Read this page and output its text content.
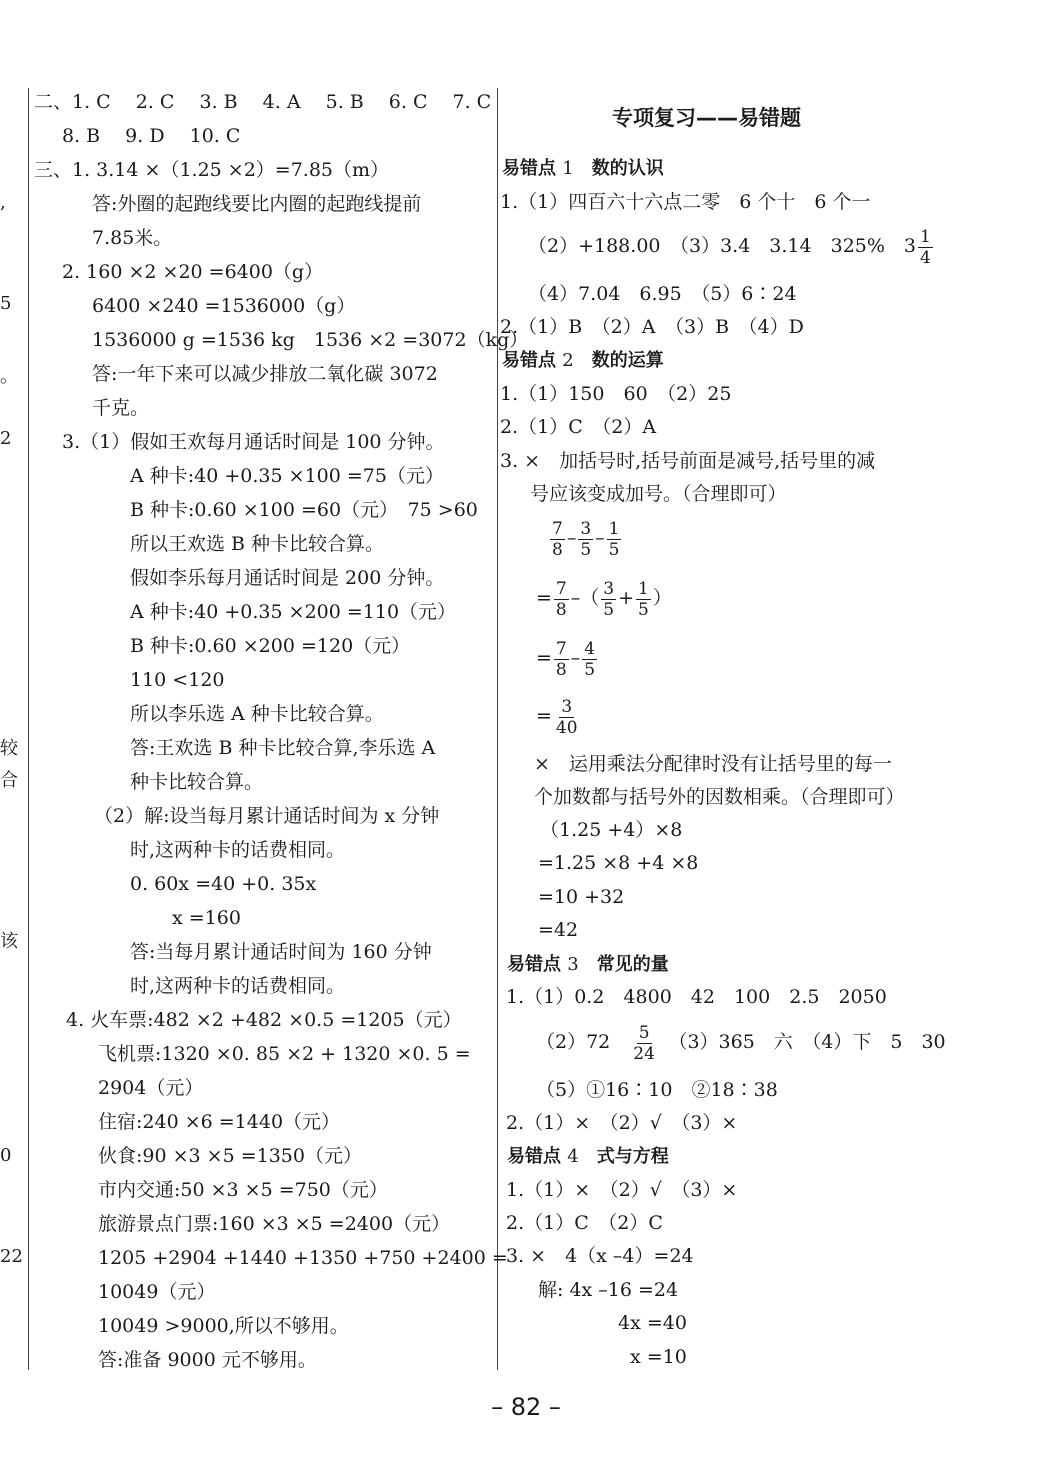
,
5
。
2
较
合
该
0
22
二、1. C　 2. C　 3. B　 4. A　 5. B　 6. C　 7. C
8. B　 9. D　 10. C
三、1. 3.14 ×（1.25 ×2）=7.85（m）
答:外圈的起跑线要比内圈的起跑线提前
7.85米。
2. 160 ×2 ×20 =6400（g）
6400 ×240 =1536000（g）
1536000 g =1536 kg　1536 ×2 =3072（kg）
答:一年下来可以减少排放二氧化碳 3072
千克。
3.（1）假如王欢每月通话时间是 100 分钟。
A 种卡:40 +0.35 ×100 =75（元）
B 种卡:0.60 ×100 =60（元）　75 >60
所以王欢选 B 种卡比较合算。
假如李乐每月通话时间是 200 分钟。
A 种卡:40 +0.35 ×200 =110（元）
B 种卡:0.60 ×200 =120（元）
110 <120
所以李乐选 A 种卡比较合算。
答:王欢选 B 种卡比较合算,李乐选 A
种卡比较合算。
（2）解:设当每月累计通话时间为 x 分钟
时,这两种卡的话费相同。
0. 60x =40 +0. 35x
x =160
答:当每月累计通话时间为 160 分钟
时,这两种卡的话费相同。
4. 火车票:482 ×2 +482 ×0.5 =1205（元）
飞机票:1320 ×0. 85 ×2 + 1320 ×0. 5 =
2904（元）
住宿:240 ×6 =1440（元）
伙食:90 ×3 ×5 =1350（元）
市内交通:50 ×3 ×5 =750（元）
旅游景点门票:160 ×3 ×5 =2400（元）
1205 +2904 +1440 +1350 +750 +2400 =
10049（元）
10049 >9000,所以不够用。
答:准备 9000 元不够用。
专项复习——易错题
易错点 1　 数的认识
1.（1）四百六十六点二零　6 个十　6 个一
（2）+188.00　（3）3.4　3.14　325%　$3 \frac{1}{4}$
（4）7.04　6.95　（5）6∶24
2.（1）B　（2）A　（3）B　（4）D
易错点 2　 数的运算
1.（1）150　60　（2）25
2.（1）C　（2）A
3. ×　加括号时,括号前面是减号,括号里的减
号应该变成加号。（合理即可）
$\frac{7}{8} - \frac{3}{5} - \frac{1}{5}$
= $\frac{7}{8}$ –（ $\frac{3}{5} + \frac{1}{5}$ ）
= $\frac{7}{8} - \frac{4}{5}$
= $\frac{3}{40}$
×　运用乘法分配律时没有让括号里的每一
个加数都与括号外的因数相乘。（合理即可）
（1.25 +4）×8
=1.25 ×8 +4 ×8
=10 +32
=42
易错点 3　 常见的量
1.（1）0.2　4800　42　100　2.5　2050
（2）72　 $\frac{5}{24}$
　 （3）365　六　（4）下　5　30
（5）①16∶10　②18∶38
2.（1）×　（2）√　（3）×
易错点 4　 式与方程
1.（1）×　（2）√　（3）×
2.（1）C　（2）C
3. ×　4（x –4）=24
解: 4x –16 =24
4x =40
x =10
– 82 –
